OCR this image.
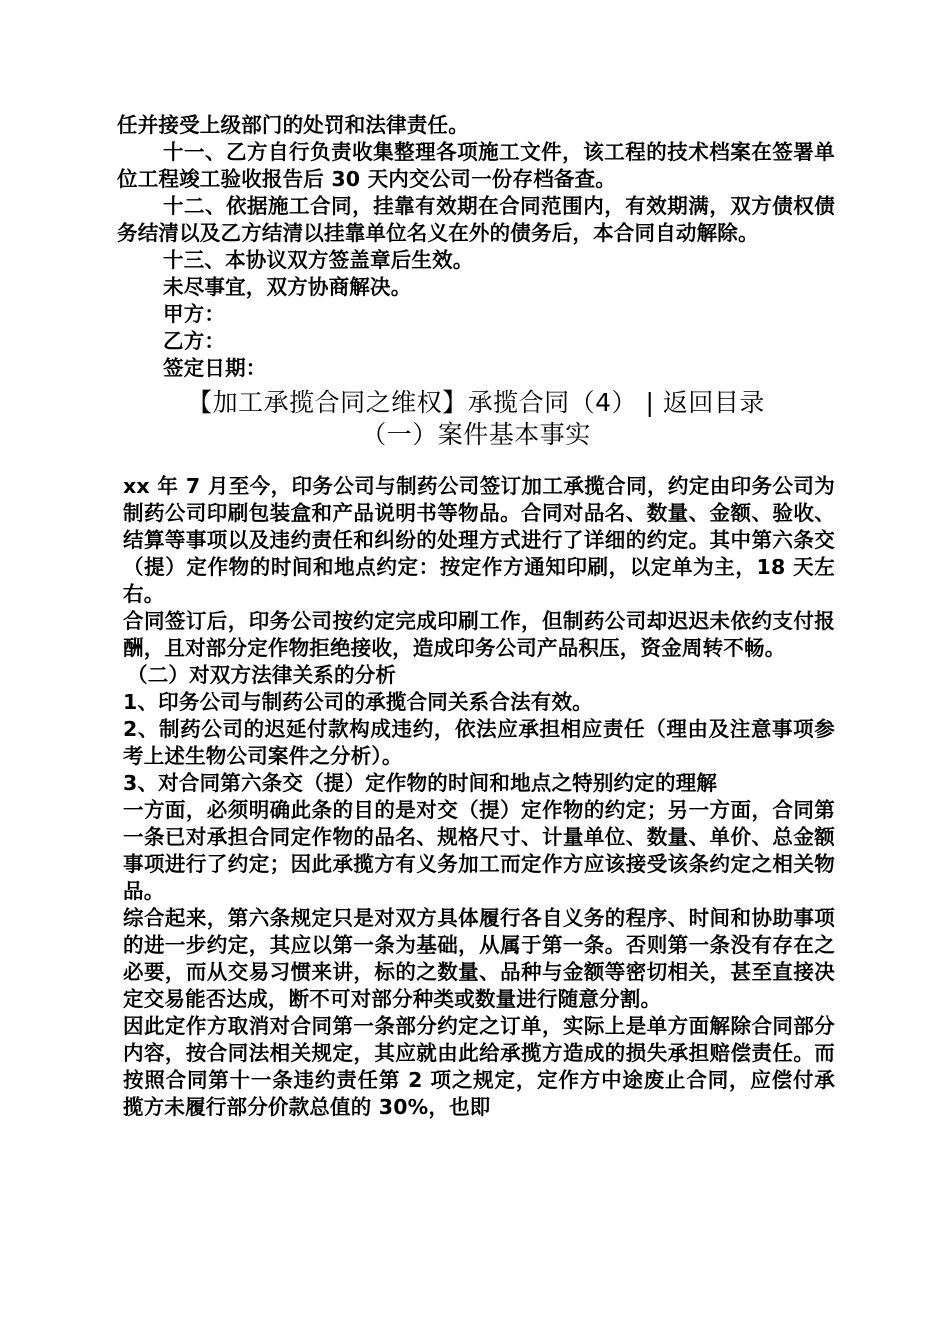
任并接受上级部门的处罚和法律责任。

十一、乙方自行负责收集整理各项施工文件，该工程的技术档案在签署单位工程竣工验收报告后 30 天内交公司一份存档备查。

十二、依据施工合同，挂靠有效期在合同范围内，有效期满，双方债权债务结清以及乙方结清以挂靠单位名义在外的债务后，本合同自动解除。

十三、本协议双方签盖章后生效。

未尽事宜，双方协商解决。

甲方：

乙方：

签定日期：

【加工承揽合同之维权】承揽合同（4） | 返回目录

（一）案件基本事实

xx 年 7 月至今，印务公司与制药公司签订加工承揽合同，约定由印务公司为制药公司印刷包装盒和产品说明书等物品。合同对品名、数量、金额、验收、结算等事项以及违约责任和纠纷的处理方式进行了详细的约定。其中第六条交（提）定作物的时间和地点约定：按定作方通知印刷，以定单为主，18 天左右。

合同签订后，印务公司按约定完成印刷工作，但制药公司却迟迟未依约支付报酬，且对部分定作物拒绝接收，造成印务公司产品积压，资金周转不畅。

（二）对双方法律关系的分析

1、印务公司与制药公司的承揽合同关系合法有效。

2、制药公司的迟延付款构成违约，依法应承担相应责任（理由及注意事项参考上述生物公司案件之分析）。

3、对合同第六条交（提）定作物的时间和地点之特别约定的理解

一方面，必须明确此条的目的是对交（提）定作物的约定；另一方面，合同第一条已对承担合同定作物的品名、规格尺寸、计量单位、数量、单价、总金额事项进行了约定；因此承揽方有义务加工而定作方应该接受该条约定之相关物品。

综合起来，第六条规定只是对双方具体履行各自义务的程序、时间和协助事项的进一步约定，其应以第一条为基础，从属于第一条。否则第一条没有存在之必要，而从交易习惯来讲，标的之数量、品种与金额等密切相关，甚至直接决定交易能否达成，断不可对部分种类或数量进行随意分割。

因此定作方取消对合同第一条部分约定之订单，实际上是单方面解除合同部分内容，按合同法相关规定，其应就由此给承揽方造成的损失承担赔偿责任。而按照合同第十一条违约责任第 2 项之规定，定作方中途废止合同，应偿付承揽方未履行部分价款总值的 30%，也即
